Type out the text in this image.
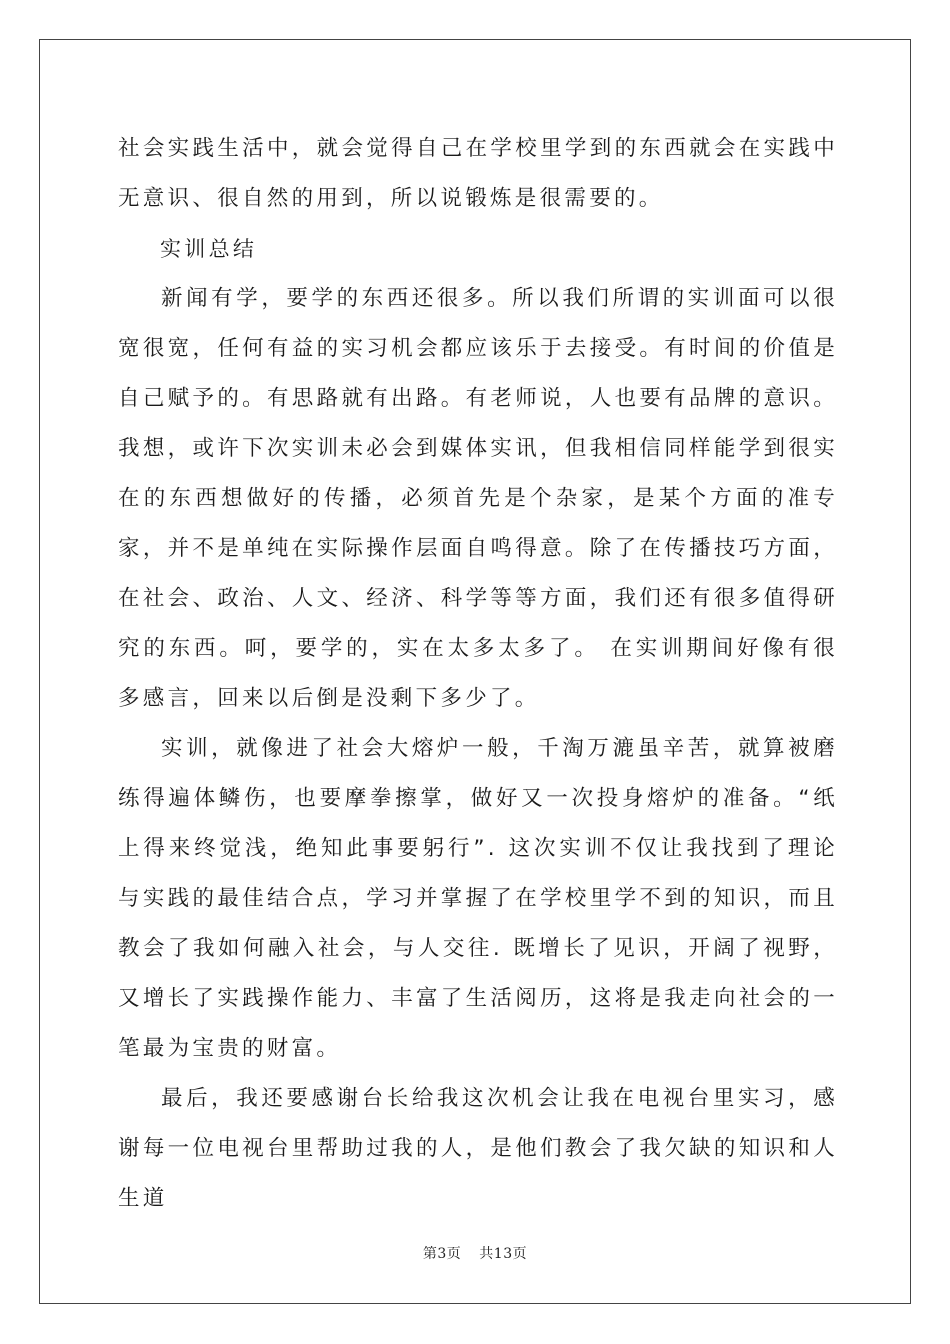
社会实践生活中，就会觉得自己在学校里学到的东西就会在实践中无意识、很自然的用到，所以说锻炼是很需要的。

实训总结

新闻有学，要学的东西还很多。所以我们所谓的实训面可以很宽很宽，任何有益的实习机会都应该乐于去接受。有时间的价值是自己赋予的。有思路就有出路。有老师说，人也要有品牌的意识。我想，或许下次实训未必会到媒体实讯，但我相信同样能学到很实在的东西想做好的传播，必须首先是个杂家，是某个方面的准专家，并不是单纯在实际操作层面自鸣得意。除了在传播技巧方面，在社会、政治、人文、经济、科学等等方面，我们还有很多值得研究的东西。呵，要学的，实在太多太多了。 在实训期间好像有很多感言，回来以后倒是没剩下多少了。

实训，就像进了社会大熔炉一般，千淘万漉虽辛苦，就算被磨练得遍体鳞伤，也要摩拳擦掌，做好又一次投身熔炉的准备。“纸上得来终觉浅，绝知此事要躬行”. 这次实训不仅让我找到了理论与实践的最佳结合点，学习并掌握了在学校里学不到的知识，而且教会了我如何融入社会，与人交往. 既增长了见识，开阔了视野，又增长了实践操作能力、丰富了生活阅历，这将是我走向社会的一笔最为宝贵的财富。

最后，我还要感谢台长给我这次机会让我在电视台里实习，感谢每一位电视台里帮助过我的人，是他们教会了我欠缺的知识和人生道

第3页 共13页
